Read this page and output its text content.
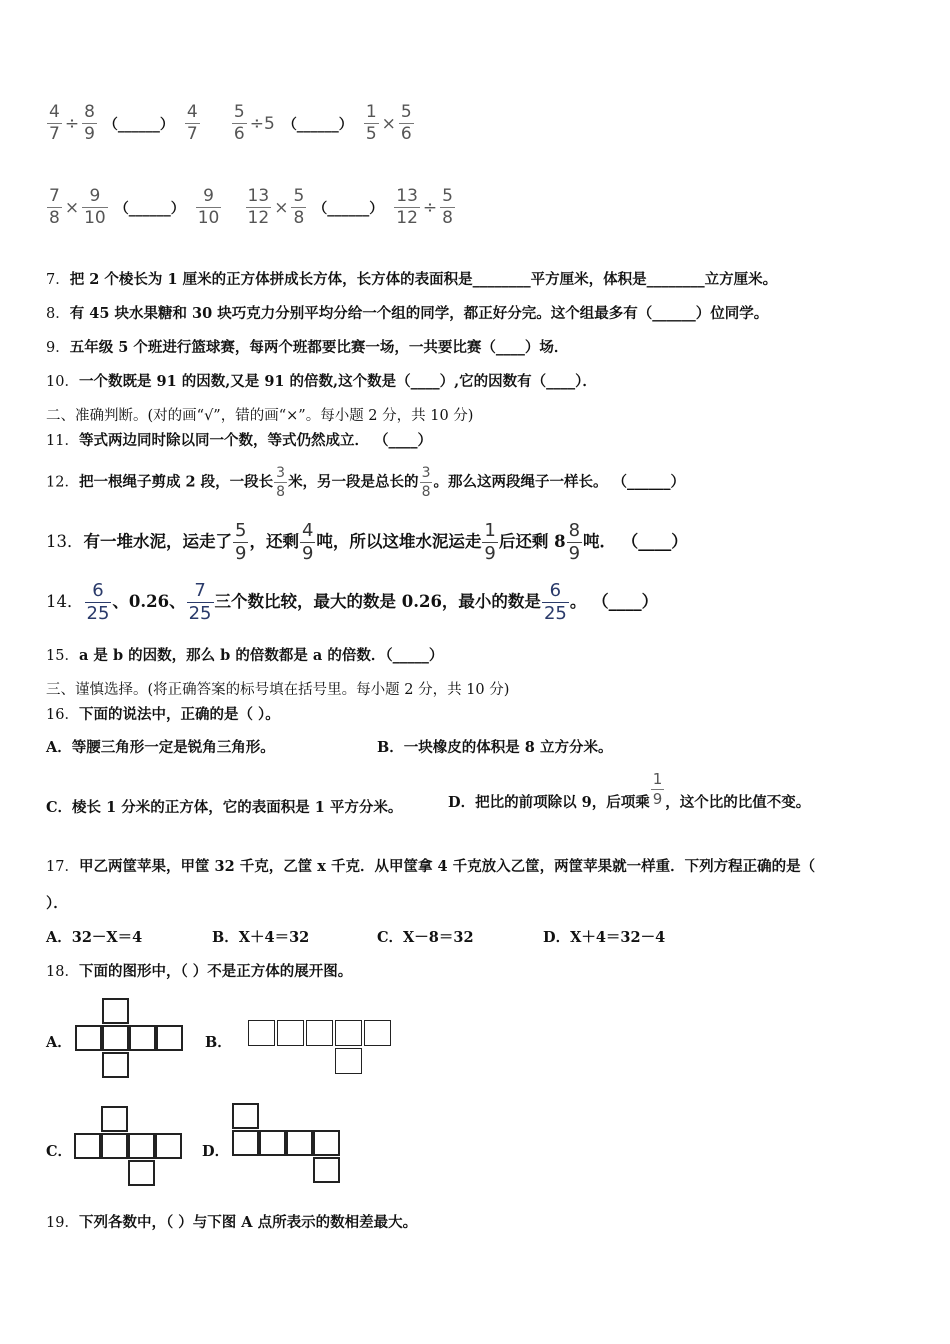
$\frac{4}{7} \div \frac{8}{9}$ （______） $\frac{4}{7}$
$\frac{5}{6} \div 5$ （______） $\frac{1}{5} \times \frac{5}{6}$
$\frac{7}{8} \times \frac{9}{10}$ （______） $\frac{9}{10}$
$\frac{13}{12} \times \frac{5}{8}$ （______） $\frac{13}{12} \div \frac{5}{8}$
7．把 2 个棱长为 1 厘米的正方体拼成长方体，长方体的表面积是________平方厘米，体积是________立方厘米。
8．有 45 块水果糖和 30 块巧克力分别平均分给一个组的同学，都正好分完。这个组最多有（______）位同学。
9．五年级 5 个班进行篮球赛，每两个班都要比赛一场，一共要比赛（____）场．
10．一个数既是 91 的因数,又是 91 的倍数,这个数是（____）,它的因数有（____）．
二、准确判断。(对的画“√”，错的画“×”。每小题 2 分，共 10 分)
11．等式两边同时除以同一个数，等式仍然成立． （____）
12．把一根绳子剪成 2 段，一段长 $\frac{3}{8}$ 米，另一段是总长的 $\frac{3}{8}$ 。那么这两段绳子一样长。 （______）
13．有一堆水泥，运走了 $\frac{5}{9}$ ，还剩 $\frac{4}{9}$ 吨，所以这堆水泥运走 $\frac{1}{9}$ 后还剩 $8 \frac{8}{9}$ 吨． （____）
14． $\frac{6}{25}$ 、0.26、 $\frac{7}{25}$ 三个数比较，最大的数是 0.26，最小的数是 $\frac{6}{25}$ 。 （____）
15．a 是 b 的因数，那么 b 的倍数都是 a 的倍数．（_____）
三、谨慎选择。(将正确答案的标号填在括号里。每小题 2 分，共 10 分)
16．下面的说法中，正确的是（ ）。
A．等腰三角形一定是锐角三角形。	B．一块橡皮的体积是 8 立方分米。
C．棱长 1 分米的正方体，它的表面积是 1 平方分米。	D．把比的前项除以 9，后项乘 $\frac{1}{9}$ ，这个比的比值不变。
17．甲乙两筐苹果，甲筐 32 千克，乙筐 x 千克．从甲筐拿 4 千克放入乙筐，两筐苹果就一样重．下列方程正确的是（
）．
A．32－X＝4	B．X＋4＝32	C．X－8＝32	D．X＋4＝32－4
18．下面的图形中，（ ）不是正方体的展开图。
A．	B．
C．	D．
19．下列各数中，（ ）与下图 A 点所表示的数相差最大。
